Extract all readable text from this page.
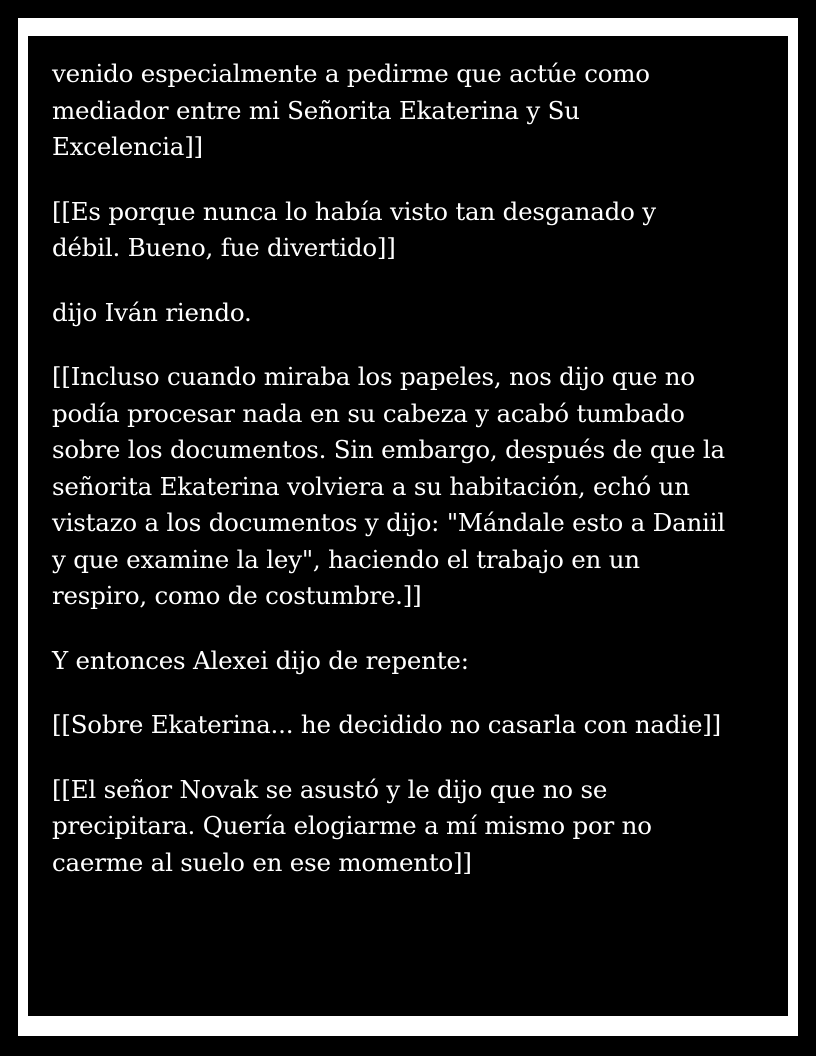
venido especialmente a pedirme que actúe como
mediador entre mi Señorita Ekaterina y Su
Excelencia]]

[[Es porque nunca lo había visto tan desganado y
débil. Bueno, fue divertido]]

dijo Iván riendo.

[[Incluso cuando miraba los papeles, nos dijo que no
podía procesar nada en su cabeza y acabó tumbado
sobre los documentos. Sin embargo, después de que la
señorita Ekaterina volviera a su habitación, echó un
vistazo a los documentos y dijo: "Mándale esto a Daniil
y que examine la ley", haciendo el trabajo en un
respiro, como de costumbre.]]

Y entonces Alexei dijo de repente:

[[Sobre Ekaterina... he decidido no casarla con nadie]]

[[El señor Novak se asustó y le dijo que no se
precipitara. Quería elogiarme a mí mismo por no
caerme al suelo en ese momento]]
